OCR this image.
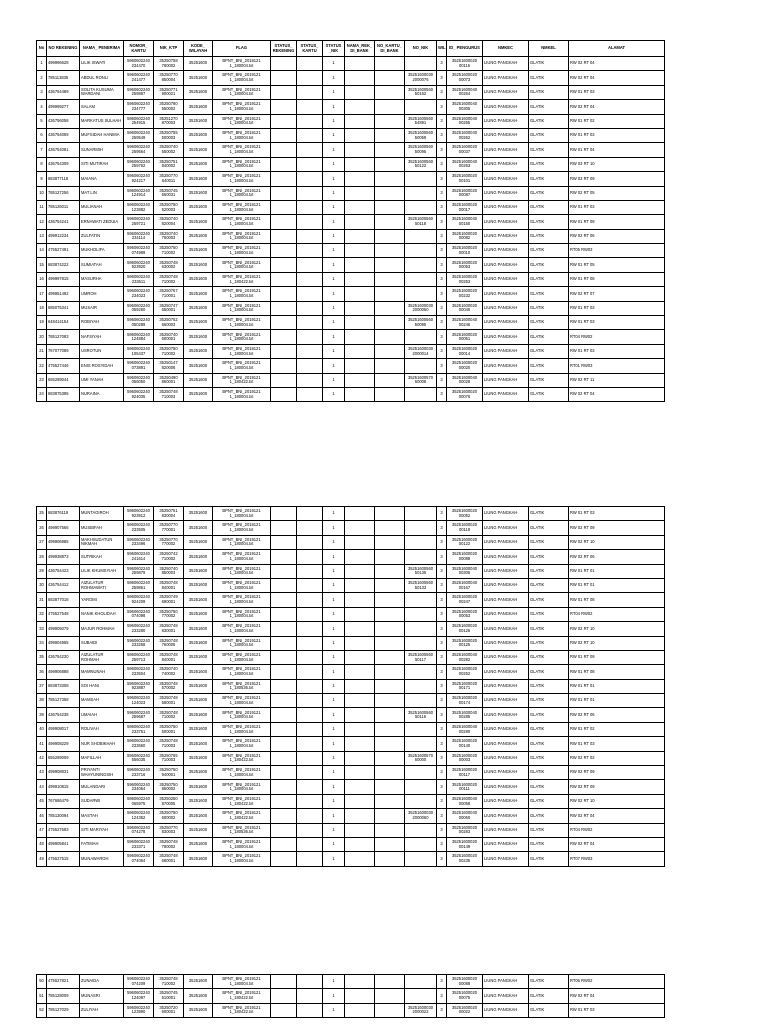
No	NO REKENING	NAMA_ PENERIMA	NOMOR_ KARTU	NIK_KTP	KODE_ WILAYAH	FLAG	STATUS_ REKENING	STATUS_ KARTU	STATUS _NIK	NAMA_REK_ DI_BANK	NO_KARTU_ DI_BANK	NO_NIK	WIL	ID_ PENGURUS	NMKEC	NMKEL	ALAMAT
1	499996628	LILIK ISWATI	59606022​40 234470	35250758 780002	35251600	BPNT_BNI_2019121 1_180004.txt			1				3	35251600020 00116	LIUNG PANGKAH	GLATIK	RW 02 RT 04
2	785113835	ABDUL RONLI	59606022​40 241477	35250770 850004	35251600	BPNT_BNI_2019121 1_180004.txt			1			35251600030 2000076	3	35251600020 00073	LIUNG PANGKAH	GLATIK	RW 02 RT 04
3	436754489	SOLITA KUSUMA WARDANI	59606022​40 259887	35250771 900021	35251600	BPNT_BNI_2019121 1_180004.txt			1			35251600560 50162	3	35251600040 00264	LIUNG PANGKAH	GLATIK	RW 01 RT 03
4	499999277	SALAM	59606022​40 234777	35250780 550002	35251600	BPNT_BNI_2019121 1_180004.txt			1				3	35251600040 00305	LIUNG PANGKAH	GLATIK	RW 02 RT 04
5	436756058	MARKATUS SULHAH	59606022​40 254915	35251270 870003	35251600	BPNT_BNI_2019121 1_180004.txt			1			35251600560 54891	3	35251600040 00265	LIUNG PANGKAH	GLATIK	RW 01 RT 02
6	436754069	MUFSIDAH HANIMA	59606022​40 259549	35250755 500003	35251600	BPNT_BNI_2019121 1_180004.txt			1			35251600560 50059	3	35251600040 00262	LIUNG PANGKAH	GLATIK	RW 01 RT 03
7	436754081	SUNARMIH	59606022​40 259564	35250740 550002	35251600	BPNT_BNI_2019121 1_180004.txt			1			35251600560 50095	3	35251600020 00037	LIUNG PANGKAH	GLATIK	RW 01 RT 04
8	436754309	SITI MUTIRAH	59606022​40 259762	35250751 840002	35251600	BPNT_BNI_2019121 1_180004.txt			1			35251600560 50122	3	35251600040 00263	LIUNG PANGKAH	GLATIK	RW 03 RT 10
9	683877118	MAIANA	59606022​40 924217	35250770 640011	35251600	BPNT_BNI_2019121 1_180004.txt			1				3	35251600020 00101	LIUNG PANGKAH	GLATIK	RW 03 RT 09
10	785127256	MAT LIN	59606022​40 124914	35250745 650031	35251600	BPNT_BNI_2019121 1_180004.txt			1				3	35251600020 00087	LIUNG PANGKAH	GLATIK	RW 02 RT 05
11	785126011	MULIANAH	59606022​40 123882	35250750 520003	35251600	BPNT_BNI_2019121 1_180004.txt			1				3	35251600020 00017	LIUNG PANGKAH	GLATIK	RW 01 RT 03
12	436754241	ERNAWATI ZEDUIA	59606022​40 259721	35250740 820004	35251600	BPNT_BNI_2019121 1_180004.txt			1			35251600560 50118	3	35251600040 00150	LIUNG PANGKAH	GLATIK	RW 01 RT 09
13	499912234	ZULFATIN	59606022​40 234114	35250740 760003	35251600	BPNT_BNI_2019121 1_180004.txt			1				3	35251600020 00082	LIUNG PANGKAH	GLATIK	RW 02 RT 06
14	475527491	MUKHOLIFA	59606022​40 074989	35250750 710002	35251600	BPNT_BNI_2019121 1_180004.txt			1				3	35251600020 00010	LIUNG PANGKAH	GLATIK	RT05 RW03
15	683874222	SUMIATAH	59606022​40 923920	35250748 630002	35251600	BPNT_BNI_2019121 1_180004.txt			1				3	35251600020 00053	LIUNG PANGKAH	GLATIK	RW 01 RT 05
16	499997815	MASURHA	59606022​40 233611	35250748 710002	35251600	BPNT_BNI_2019121 1_180422.txt			1				3	35251600020 00253	LIUNG PANGKAH	GLATIK	RW 01 RT 08
17	499951492	UMROH	59606022​40 234023	35250767 710001	35251600	BPNT_BNI_2019121 1_180004.txt			1				3	35251600020 00232	LIUNG PANGKAH	GLATIK	RW 02 RT 07
18	685075341	MUSAIR	59606022​40 059260	35250747 650001	35251600	BPNT_BNI_2019121 1_180004.txt			1			35251600030 2000060	3	35251600020 00040	LIUNG PANGKAH	GLATIK	RW 01 RT 03
19	648414154	ROBIYAH	59606022​40 050289	35250752 660003	35251600	BPNT_BNI_2019121 1_180004.txt			1			35251600560 50095	3	35251600040 00246	LIUNG PANGKAH	GLATIK	RW 01 RT 03
20	785127093	NAFSIYAH	59606022​40 124884	35250740 600001	35251600	BPNT_BNI_2019121 1_180004.txt			1				3	35251600020 00061	LIUNG PANGKAH	GLATIK	RT04 RW02
21	767077089	USROTUN	59606022​40 105437	35250750 710002	35251600	BPNT_BNI_2019121 1_180004.txt			1			35251600030 2000014	3	35251600020 00014	LIUNG PANGKAH	GLATIK	RW 01 RT 03
22	475527446	ENIS ROSYIDAH	59606022​40 073891	35250147 820006	35251600	BPNT_BNI_2019121 1_180004.txt			1				3	35251600020 00020	LIUNG PANGKAH	GLATIK	RT01 RW03
23	655289044	UMI YANAH	59606022​40 056050	35250490 860001	35251600	BPNT_BNI_2019121 1_180422.txt			1			35251600570 60008	3	35251600040 00028	LIUNG PANGKAH	GLATIK	RW 02 RT 11
24	683875395	NURAINA	59606022​40 924035	35250748 710003	35251600	BPNT_BNI_2019121 1_180004.txt			1				3	35251600020 00076	LIUNG PANGKAH	GLATIK	RW 02 RT 04
25	683876119	MUNTAGIROH	59606022​40 923912	35250751 830004	35251600	BPNT_BNI_2019121 1_180004.txt			1				3	35251600020 00052	LIUNG PANGKAH	GLATIK	RW 01 RT 03
26	499907566	MUSBIFAH	59606022​40 233505	35250770 770001	35251600	BPNT_BNI_2019121 1_180004.txt			1				3	35251600020 00118	LIUNG PANGKAH	GLATIK	RW 02 RT 09
27	499906885	MAKHSUDATUN NIKMAH	59606022​40 233496	35250770 770002	35251600	BPNT_BNI_2019121 1_180004.txt			1				3	35251600020 00122	LIUNG PANGKAH	GLATIK	RW 02 RT 10
28	499938873	SUTRIKAH	59606022​40 241614	35250742 710002	35251600	BPNT_BNI_2019121 1_180004.txt			1				3	35251600020 00088	LIUNG PANGKAH	GLATIK	RW 02 RT 06
29	436754423	LILIK KHUMSYIAH	59606022​40 259879	35250740 850003	35251600	BPNT_BNI_2019121 1_180004.txt			1			35251600560 50135	3	35251600040 00306	LIUNG PANGKAH	GLATIK	RW 01 RT 01
30	436754412	AIZULATUR ROHMAWATI	59606022​40 259861	35250748 840001	35251600	BPNT_BNI_2019121 1_180004.txt			1			35251600560 50133	3	35251600040 00167	LIUNG PANGKAH	GLATIK	RW 01 RT 01
31	683877018	YAROMI	59606022​40 924209	35250749 690001	35251600	BPNT_BNI_2019121 1_180004.txt			1				3	35251600020 00247	LIUNG PANGKAH	GLATIK	RW 01 RT 08
32	475527548	NANIK KHOLIDAH	59606022​40 074098	35250750 770002	35251600	BPNT_BNI_2019121 1_180004.txt			1				3	35251600020 00053	LIUNG PANGKAH	GLATIK	RT04 RW02
33	499905079	MAJUR ROHMAH	59606022​40 233280	35250748 830001	35251600	BPNT_BNI_2019121 1_180004.txt			1				3	35251600020 00126	LIUNG PANGKAH	GLATIK	RW 02 RT 10
34	499904965	SUBAIDI	59606022​40 233268	35250748 760005	35251600	BPNT_BNI_2019121 1_180004.txt			1				3	35251600020 00125	LIUNG PANGKAH	GLATIK	RW 02 RT 10
35	436754230	AIZULATUR ROHMAH	59606022​40 259713	35250748 840001	35251600	BPNT_BNI_2019121 1_180004.txt			1			35251600560 50117	3	35251600040 00282	LIUNG PANGKAH	GLATIK	RW 01 RT 09
36	499906888	MAMNUNAH	59606022​40 233504	35250740 740002	35251600	BPNT_BNI_2019121 1_180004.txt			1				3	35251600020 00252	LIUNG PANGKAH	GLATIK	RW 01 RT 08
37	683873308	SOI HANI	59606022​40 923887	35250748 570002	35251600	BPNT_BNI_2019121 1_180536.txt			1				3	35251600020 00171	LIUNG PANGKAH	GLATIK	RW 01 RT 01
38	785127358	MAMSAH	59606022​40 124023	35250748 580001	35251600	BPNT_BNI_2019121 1_180004.txt			1				3	35251600020 00174	LIUNG PANGKAH	GLATIK	RW 01 RT 01
39	436754238	UMAIAH	59606022​40 259687	35250748 710002	35251600	BPNT_BNI_2019121 1_180004.txt			1			35251600560 50116	3	35251600040 00285	LIUNG PANGKAH	GLATIK	RW 02 RT 06
40	499908017	ROLIVAH	59606022​40 233751	35250750 500001	35251600	BPNT_BNI_2019121 1_180004.txt			1				3	35251600040 00280	LIUNG PANGKAH	GLATIK	RW 01 RT 02
41	499908229	NUR SHOBIKHAH	59606022​40 233660	35250748 710003	35251600	BPNT_BNI_2019121 1_180004.txt			1				3	35251600020 00140	LIUNG PANGKAH	GLATIK	RW 01 RT 03
42	655289009	MAFILLAH	59606022​40 556035	35250765 710003	35251600	BPNT_BNI_2019121 1_180422.txt			1			35251600570 60000	3	35251600020 00003	LIUNG PANGKAH	GLATIK	RW 02 RT 02
43	499908831	PRIYANTI WAHYUNINGSIH	59606022​40 233716	35250750 940001	35251600	BPNT_BNI_2019121 1_180004.txt			1				3	35251600020 00117	LIUNG PANGKAH	GLATIK	RW 02 RT 09
44	499910815	MULANDARI	59606022​40 234064	35250750 860002	35251600	BPNT_BNI_2019121 1_180004.txt			1				3	35251600020 00111	LIUNG PANGKAH	GLATIK	RW 02 RT 09
45	767686479	SUDARWI	59606022​40 065975	35250250 870005	35251600	BPNT_BNI_2019121 1_180422.txt			1				3	35251600040 00058	LIUNG PANGKAH	GLATIK	RW 02 RT 10
46	785130094	MASTAH	59606022​40 124352	35250750 600002	35251600	BPNT_BNI_2019121 1_180422.txt			1			35251600030 2000060	3	35251600040 00060	LIUNG PANGKAH	GLATIK	RW 02 RT 04
47	475527683	SITI MARIYAH	59606022​40 074278	35250770 830003	35251600	BPNT_BNI_2019121 1_180536.txt			1				3	35251600020 00283	LIUNG PANGKAH	GLATIK	RT04 RW02
48	499905841	FATIMAH	59606022​40 233371	35250748 780002	35251600	BPNT_BNI_2019121 1_180004.txt			1				3	35251600020 00149	LIUNG PANGKAH	GLATIK	RW 02 RT 04
49	475527515	MUNAWAROH	59606022​40 074064	35250748 680001	35251600	BPNT_BNI_2019121 1_180004.txt			1				3	35251600020 00235	LIUNG PANGKAH	GLATIK	RT07 RW03
50	475527821	ZUNAIDA	59606022​40 074209	35250748 710002	35251600	BPNT_BNI_2019121 1_180004.txt			1				3	35251600020 00088	LIUNG PANGKAH	GLATIK	RT06 RW02
51	785128009	MUNASRI	59606022​40 124097	35250745 510001	35251600	BPNT_BNI_2019121 1_180422.txt			1				3	35251600020 00075	LIUNG PANGKAH	GLATIK	RW 02 RT 04
52	785127029	ZULIYAH	59606022​40 123990	35250720 600001	35251600	BPNT_BNI_2019121 1_180422.txt			1			35251600030 2000022	3	35251600020 00022	LIUNG PANGKAH	GLATIK	RW 01 RT 03
